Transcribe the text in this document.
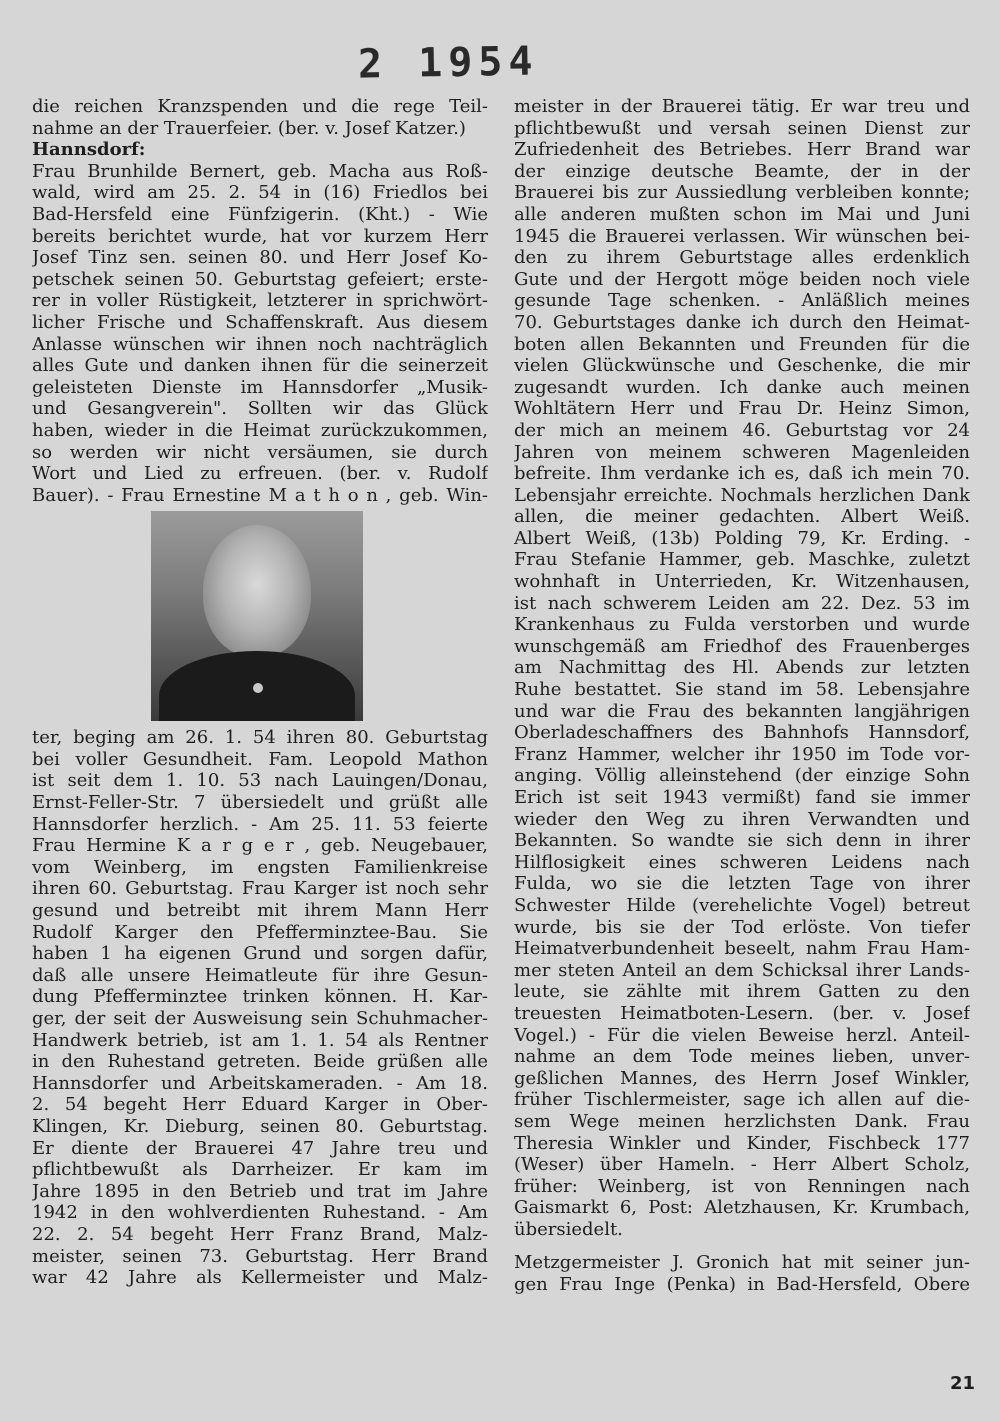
2 1954
die reichen Kranzspenden und die rege Teil-
nahme an der Trauerfeier. (ber. v. Josef Katzer.)
Hannsdorf:
Frau Brunhilde Bernert, geb. Macha aus Roß-
wald, wird am 25. 2. 54 in (16) Friedlos bei
Bad-Hersfeld eine Fünfzigerin. (Kht.) - Wie
bereits berichtet wurde, hat vor kurzem Herr
Josef Tinz sen. seinen 80. und Herr Josef Ko-
petschek seinen 50. Geburtstag gefeiert; erste-
rer in voller Rüstigkeit, letzterer in sprichwört-
licher Frische und Schaffenskraft. Aus diesem
Anlasse wünschen wir ihnen noch nachträglich
alles Gute und danken ihnen für die seinerzeit
geleisteten Dienste im Hannsdorfer „Musik-
und Gesangverein". Sollten wir das Glück
haben, wieder in die Heimat zurückzukommen,
so werden wir nicht versäumen, sie durch
Wort und Lied zu erfreuen. (ber. v. Rudolf
Bauer). - Frau Ernestine M a t h o n , geb. Win-
ter, beging am 26. 1. 54 ihren 80. Geburtstag
bei voller Gesundheit. Fam. Leopold Mathon
ist seit dem 1. 10. 53 nach Lauingen/Donau,
Ernst-Feller-Str. 7 übersiedelt und grüßt alle
Hannsdorfer herzlich. - Am 25. 11. 53 feierte
Frau Hermine K a r g e r , geb. Neugebauer,
vom Weinberg, im engsten Familienkreise
ihren 60. Geburtstag. Frau Karger ist noch sehr
gesund und betreibt mit ihrem Mann Herr
Rudolf Karger den Pfefferminztee-Bau. Sie
haben 1 ha eigenen Grund und sorgen dafür,
daß alle unsere Heimatleute für ihre Gesun-
dung Pfefferminztee trinken können. H. Kar-
ger, der seit der Ausweisung sein Schuhmacher-
Handwerk betrieb, ist am 1. 1. 54 als Rentner
in den Ruhestand getreten. Beide grüßen alle
Hannsdorfer und Arbeitskameraden. - Am 18.
2. 54 begeht Herr Eduard Karger in Ober-
Klingen, Kr. Dieburg, seinen 80. Geburtstag.
Er diente der Brauerei 47 Jahre treu und
pflichtbewußt als Darrheizer. Er kam im
Jahre 1895 in den Betrieb und trat im Jahre
1942 in den wohlverdienten Ruhestand. - Am
22. 2. 54 begeht Herr Franz Brand, Malz-
meister, seinen 73. Geburtstag. Herr Brand
war 42 Jahre als Kellermeister und Malz-
meister in der Brauerei tätig. Er war treu und
pflichtbewußt und versah seinen Dienst zur
Zufriedenheit des Betriebes. Herr Brand war
der einzige deutsche Beamte, der in der
Brauerei bis zur Aussiedlung verbleiben konnte;
alle anderen mußten schon im Mai und Juni
1945 die Brauerei verlassen. Wir wünschen bei-
den zu ihrem Geburtstage alles erdenklich
Gute und der Hergott möge beiden noch viele
gesunde Tage schenken. - Anläßlich meines
70. Geburtstages danke ich durch den Heimat-
boten allen Bekannten und Freunden für die
vielen Glückwünsche und Geschenke, die mir
zugesandt wurden. Ich danke auch meinen
Wohltätern Herr und Frau Dr. Heinz Simon,
der mich an meinem 46. Geburtstag vor 24
Jahren von meinem schweren Magenleiden
befreite. Ihm verdanke ich es, daß ich mein 70.
Lebensjahr erreichte. Nochmals herzlichen Dank
allen, die meiner gedachten. Albert Weiß.
Albert Weiß, (13b) Polding 79, Kr. Erding. -
Frau Stefanie Hammer, geb. Maschke, zuletzt
wohnhaft in Unterrieden, Kr. Witzenhausen,
ist nach schwerem Leiden am 22. Dez. 53 im
Krankenhaus zu Fulda verstorben und wurde
wunschgemäß am Friedhof des Frauenberges
am Nachmittag des Hl. Abends zur letzten
Ruhe bestattet. Sie stand im 58. Lebensjahre
und war die Frau des bekannten langjährigen
Oberladeschaffners des Bahnhofs Hannsdorf,
Franz Hammer, welcher ihr 1950 im Tode vor-
anging. Völlig alleinstehend (der einzige Sohn
Erich ist seit 1943 vermißt) fand sie immer
wieder den Weg zu ihren Verwandten und
Bekannten. So wandte sie sich denn in ihrer
Hilflosigkeit eines schweren Leidens nach
Fulda, wo sie die letzten Tage von ihrer
Schwester Hilde (verehelichte Vogel) betreut
wurde, bis sie der Tod erlöste. Von tiefer
Heimatverbundenheit beseelt, nahm Frau Ham-
mer steten Anteil an dem Schicksal ihrer Lands-
leute, sie zählte mit ihrem Gatten zu den
treuesten Heimatboten-Lesern. (ber. v. Josef
Vogel.) - Für die vielen Beweise herzl. Anteil-
nahme an dem Tode meines lieben, unver-
geßlichen Mannes, des Herrn Josef Winkler,
früher Tischlermeister, sage ich allen auf die-
sem Wege meinen herzlichsten Dank. Frau
Theresia Winkler und Kinder, Fischbeck 177
(Weser) über Hameln. - Herr Albert Scholz,
früher: Weinberg, ist von Renningen nach
Gaismarkt 6, Post: Aletzhausen, Kr. Krumbach,
übersiedelt.
Metzgermeister J. Gronich hat mit seiner jun-
gen Frau Inge (Penka) in Bad-Hersfeld, Obere
21
